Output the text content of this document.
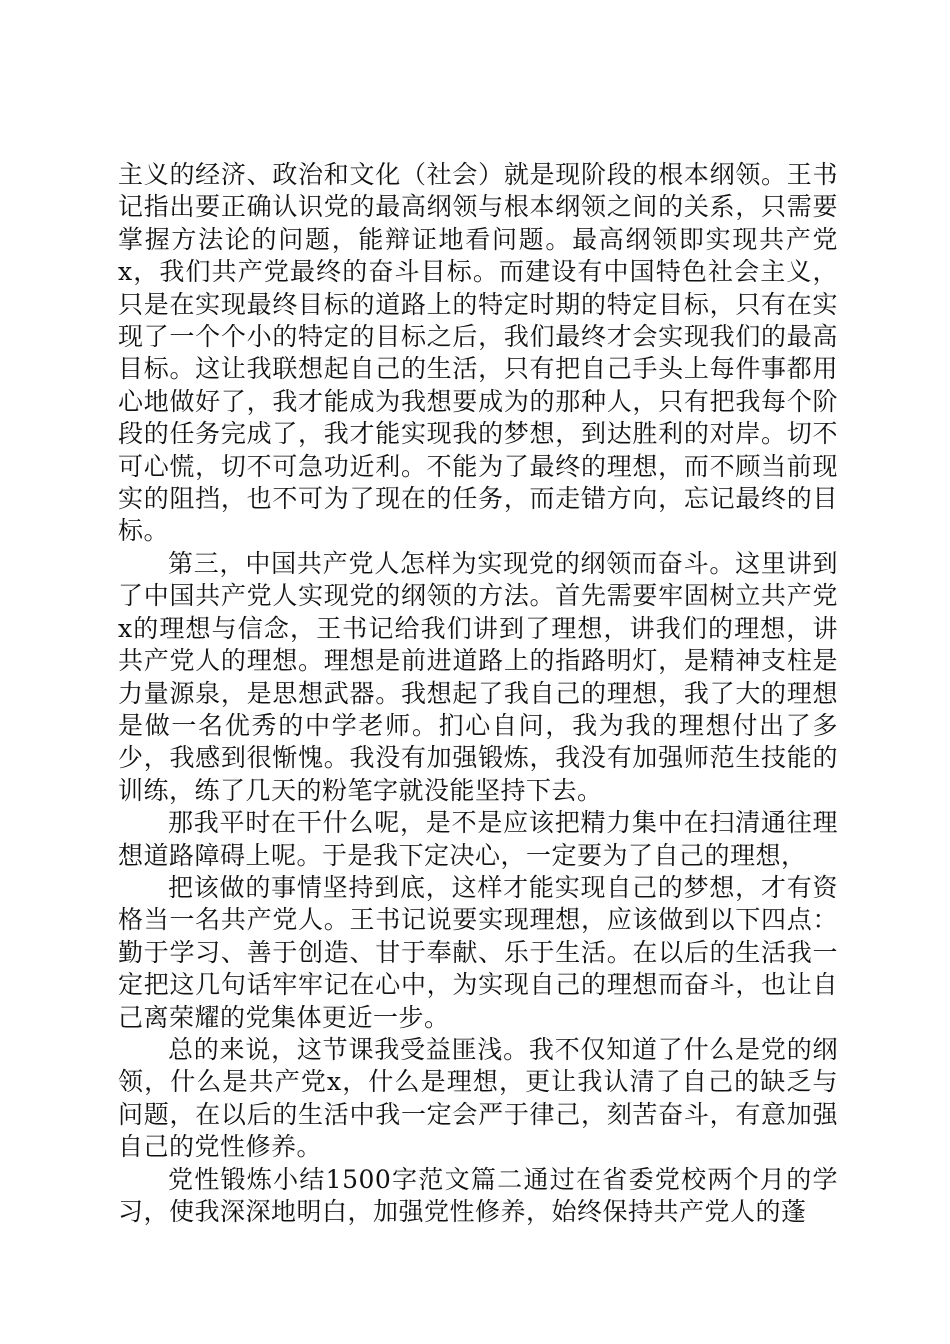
主义的经济、政治和文化（社会）就是现阶段的根本纲领。王书记指出要正确认识党的最高纲领与根本纲领之间的关系，只需要掌握方法论的问题，能辩证地看问题。最高纲领即实现共产党x，我们共产党最终的奋斗目标。而建设有中国特色社会主义，只是在实现最终目标的道路上的特定时期的特定目标，只有在实现了一个个小的特定的目标之后，我们最终才会实现我们的最高目标。这让我联想起自己的生活，只有把自己手头上每件事都用心地做好了，我才能成为我想要成为的那种人，只有把我每个阶段的任务完成了，我才能实现我的梦想，到达胜利的对岸。切不可心慌，切不可急功近利。不能为了最终的理想，而不顾当前现实的阻挡，也不可为了现在的任务，而走错方向，忘记最终的目标。

第三，中国共产党人怎样为实现党的纲领而奋斗。这里讲到了中国共产党人实现党的纲领的方法。首先需要牢固树立共产党x的理想与信念，王书记给我们讲到了理想，讲我们的理想，讲共产党人的理想。理想是前进道路上的指路明灯，是精神支柱是力量源泉，是思想武器。我想起了我自己的理想，我了大的理想是做一名优秀的中学老师。扪心自问，我为我的理想付出了多少，我感到很惭愧。我没有加强锻炼，我没有加强师范生技能的训练，练了几天的粉笔字就没能坚持下去。

那我平时在干什么呢，是不是应该把精力集中在扫清通往理想道路障碍上呢。于是我下定决心，一定要为了自己的理想，

把该做的事情坚持到底，这样才能实现自己的梦想，才有资格当一名共产党人。王书记说要实现理想，应该做到以下四点：勤于学习、善于创造、甘于奉献、乐于生活。在以后的生活我一定把这几句话牢牢记在心中，为实现自己的理想而奋斗，也让自己离荣耀的党集体更近一步。

总的来说，这节课我受益匪浅。我不仅知道了什么是党的纲领，什么是共产党x，什么是理想，更让我认清了自己的缺乏与问题，在以后的生活中我一定会严于律己，刻苦奋斗，有意加强自己的党性修养。

党性锻炼小结1500字范文篇二通过在省委党校两个月的学习，使我深深地明白，加强党性修养，始终保持共产党人的蓬
